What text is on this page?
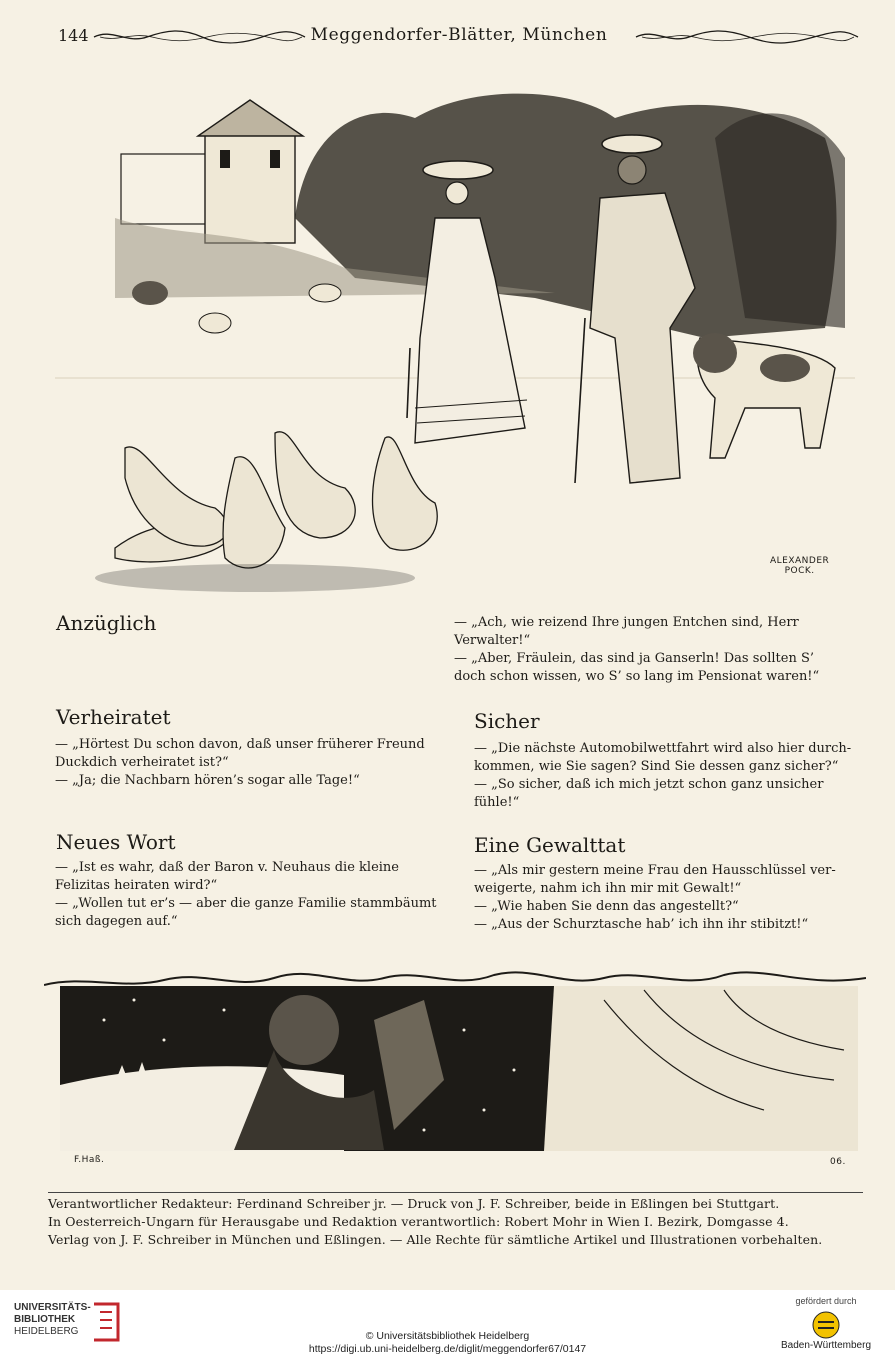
144	Meggendorfer-Blätter, München
ALEXANDER
POCK.
Anzüglich	— „Ach, wie reizend Ihre jungen Entchen sind, Herr Verwalter!“
— „Aber, Fräulein, das sind ja Ganserln! Das sollten S’
doch schon wissen, wo S’ so lang im Pensionat waren!“
Verheiratet
— „Hörtest Du schon davon, daß unser früherer Freund
Duckdich verheiratet ist?“
— „Ja; die Nachbarn hören’s sogar alle Tage!“
Sicher
— „Die nächste Automobilwettfahrt wird also hier durch-
kommen, wie Sie sagen? Sind Sie dessen ganz sicher?“
— „So sicher, daß ich mich jetzt schon ganz unsicher fühle!“
Neues Wort
— „Ist es wahr, daß der Baron v. Neuhaus die kleine
Felizitas heiraten wird?“
— „Wollen tut er’s — aber die ganze Familie stammbäumt
sich dagegen auf.“
Eine Gewalttat
— „Als mir gestern meine Frau den Hausschlüssel ver-
weigerte, nahm ich ihn mir mit Gewalt!“
— „Wie haben Sie denn das angestellt?“
— „Aus der Schurztasche hab’ ich ihn ihr stibitzt!“
F.Haß.	06.

Verantwortlicher Redakteur: Ferdinand Schreiber jr. — Druck von J. F. Schreiber, beide in Eßlingen bei Stuttgart.

In Oesterreich-Ungarn für Herausgabe und Redaktion verantwortlich: Robert Mohr in Wien I. Bezirk, Domgasse 4.

Verlag von J. F. Schreiber in München und Eßlingen. — Alle Rechte für sämtliche Artikel und Illustrationen vorbehalten.

UNIVERSITÄTS-
BIBLIOTHEK
HEIDELBERG	© Universitätsbibliothek Heidelberg
https://digi.ub.uni-heidelberg.de/diglit/meggendorfer67/0147
gefördert durch
Baden-Württemberg
